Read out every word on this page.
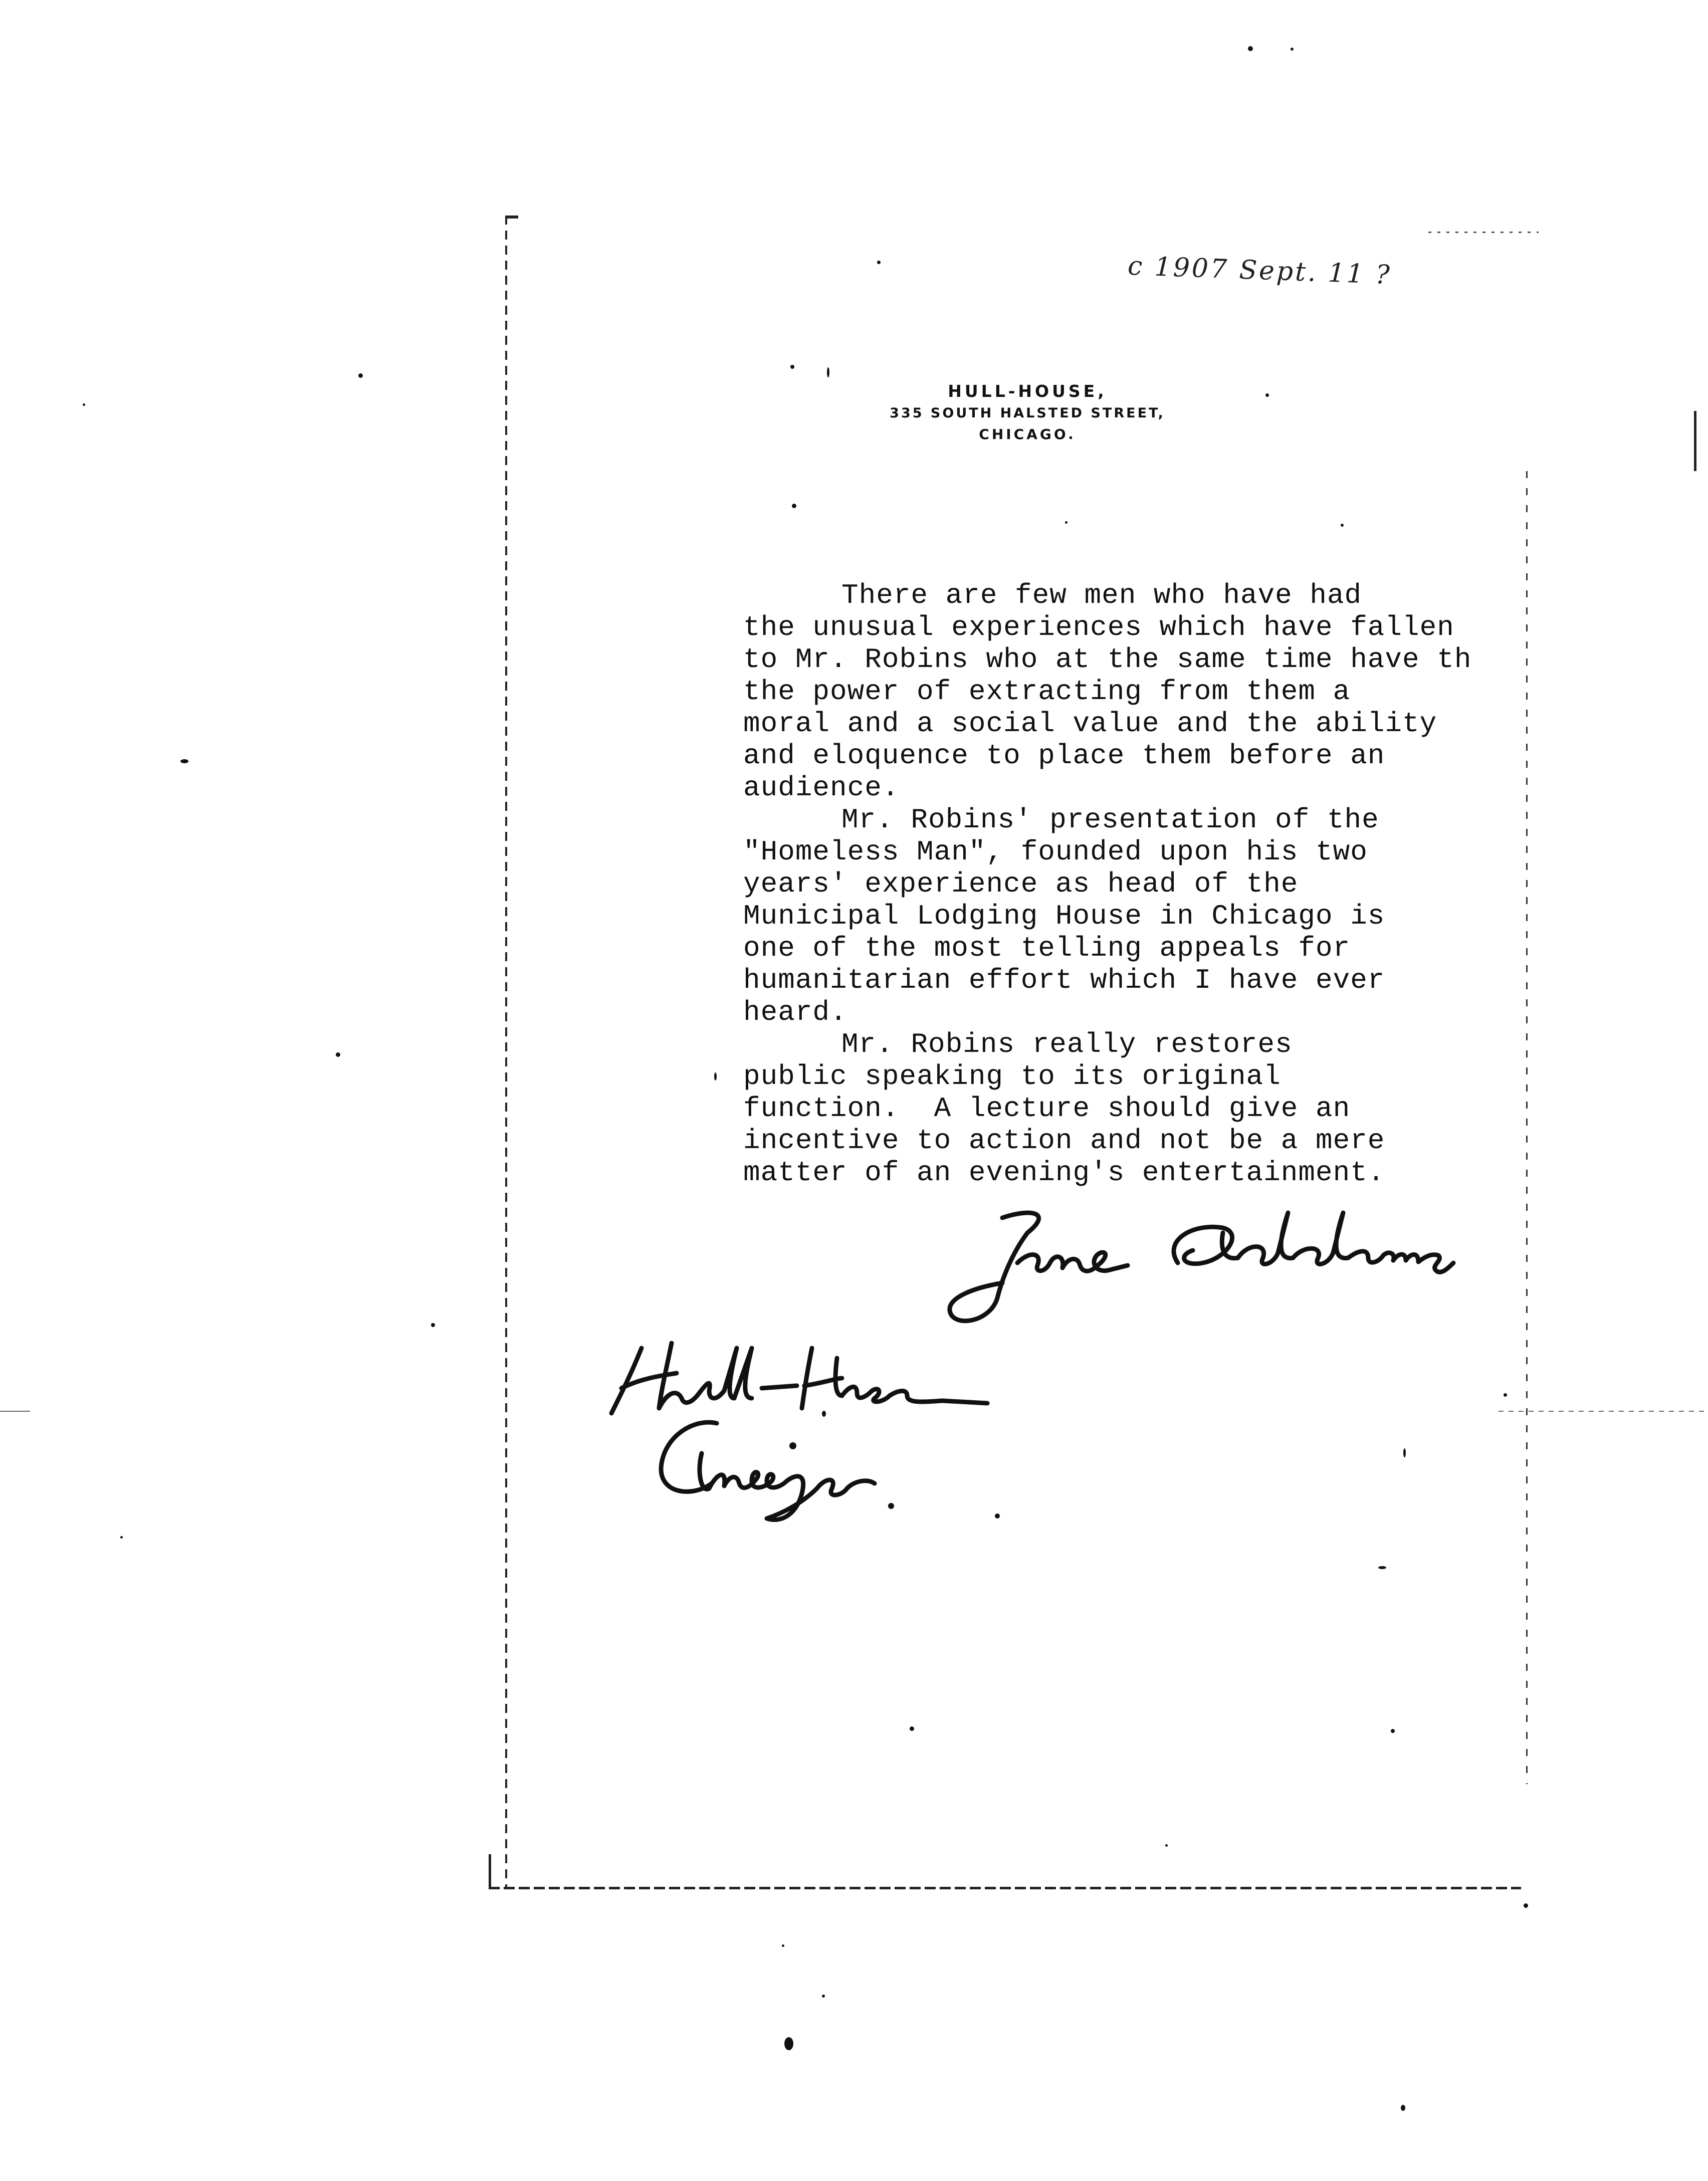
c 1907 Sept. 11 ?
HULL-HOUSE,
335 SOUTH HALSTED STREET,
CHICAGO.

There are few men who have had

the unusual experiences which have fallen

to Mr. Robins who at the same time have th

the power of extracting from them a

moral and a social value and the ability

and eloquence to place them before an

audience.

Mr. Robins' presentation of the

"Homeless Man", founded upon his two

years' experience as head of the

Municipal Lodging House in Chicago is

one of the most telling appeals for

humanitarian effort which I have ever

heard.

Mr. Robins really restores

public speaking to its original

function.  A lecture should give an

incentive to action and not be a mere

matter of an evening's entertainment.
